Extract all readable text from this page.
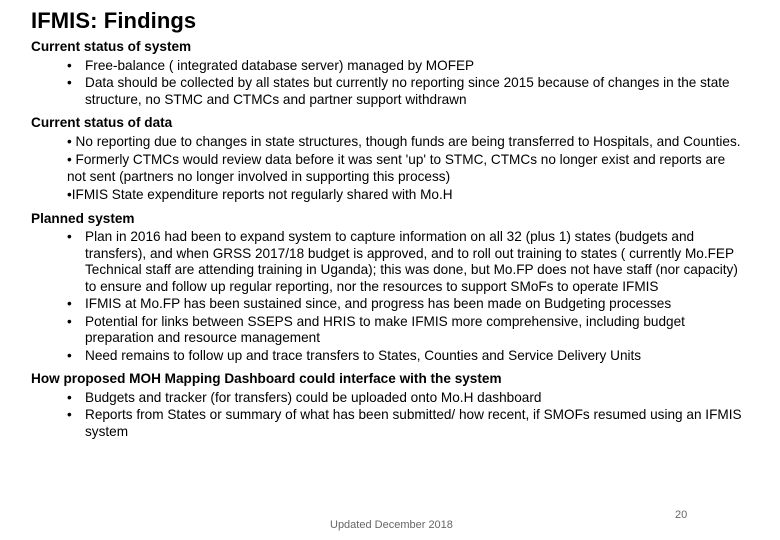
IFMIS: Findings
Current status of system
• Free-balance ( integrated database server) managed by MOFEP
• Data should be collected by all states but currently no reporting since 2015 because of changes in the state structure, no STMC and CTMCs and partner support withdrawn
Current status of data

• No reporting due to changes in state structures, though funds are being transferred to Hospitals, and Counties.

• Formerly CTMCs would review data before it was sent 'up' to STMC, CTMCs no longer exist and reports are not sent (partners no longer involved in supporting this process)

•IFMIS State expenditure reports not regularly shared with Mo.H

Planned system
• Plan in 2016 had been to expand system to capture information on all 32 (plus 1) states (budgets and transfers), and when GRSS 2017/18 budget is approved, and to roll out training to states ( currently Mo.FEP Technical staff are attending training in Uganda); this was done, but Mo.FP does not have staff (nor capacity) to ensure and follow up regular reporting, nor the resources to support SMoFs to operate IFMIS
• IFMIS at Mo.FP has been sustained since, and progress has been made on Budgeting processes
• Potential for links between SSEPS and HRIS to make IFMIS more comprehensive, including budget preparation and resource management
• Need remains to follow up and trace transfers to States, Counties and Service Delivery Units
How proposed MOH Mapping Dashboard could interface with the system
• Budgets and tracker (for transfers) could be uploaded onto Mo.H dashboard
• Reports from States or summary of what has been submitted/ how recent, if SMOFs resumed using an IFMIS system
Updated December 2018
20
